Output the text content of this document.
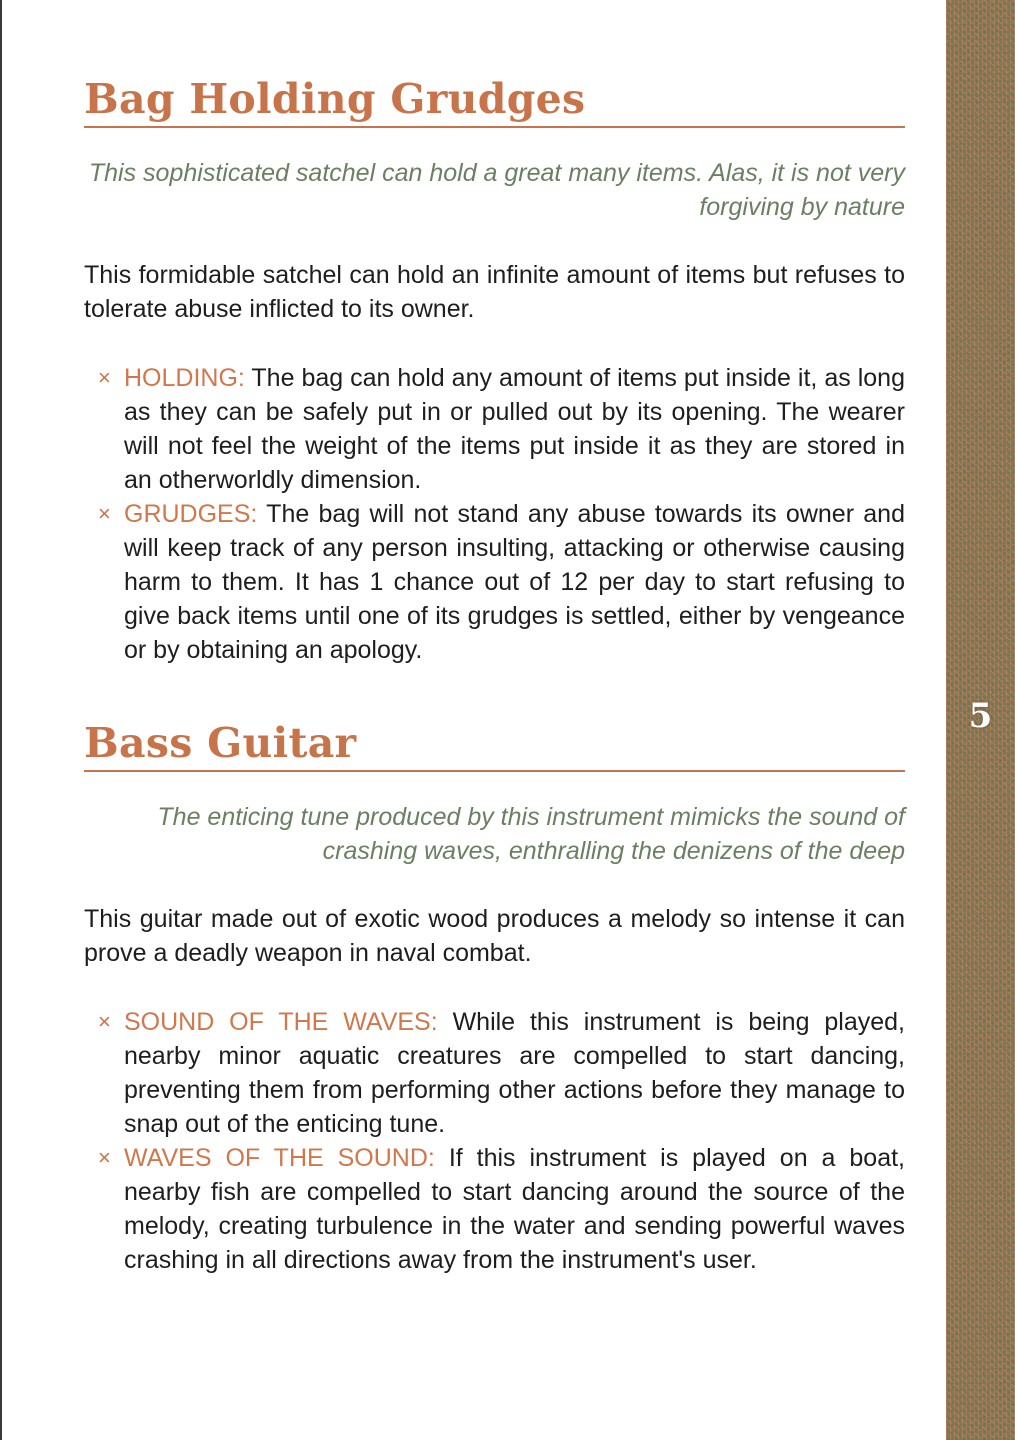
5
Bag Holding Grudges

This sophisticated satchel can hold a great many items. Alas, it is not very forgiving by nature

This formidable satchel can hold an infinite amount of items but refuses to tolerate abuse inflicted to its owner.

× HOLDING: The bag can hold any amount of items put inside it, as long as they can be safely put in or pulled out by its opening. The wearer will not feel the weight of the items put inside it as they are stored in an otherworldly dimension.
× GRUDGES: The bag will not stand any abuse towards its owner and will keep track of any person insulting, attacking or otherwise causing harm to them. It has 1 chance out of 12 per day to start refusing to give back items until one of its grudges is settled, either by vengeance or by obtaining an apology.
Bass Guitar

The enticing tune produced by this instrument mimicks the sound of crashing waves, enthralling the denizens of the deep

This guitar made out of exotic wood produces a melody so intense it can prove a deadly weapon in naval combat.

× SOUND OF THE WAVES: While this instrument is being played, nearby minor aquatic creatures are compelled to start dancing, preventing them from performing other actions before they manage to snap out of the enticing tune.
× WAVES OF THE SOUND: If this instrument is played on a boat, nearby fish are compelled to start dancing around the source of the melody, creating turbulence in the water and sending powerful waves crashing in all directions away from the instrument's user.
